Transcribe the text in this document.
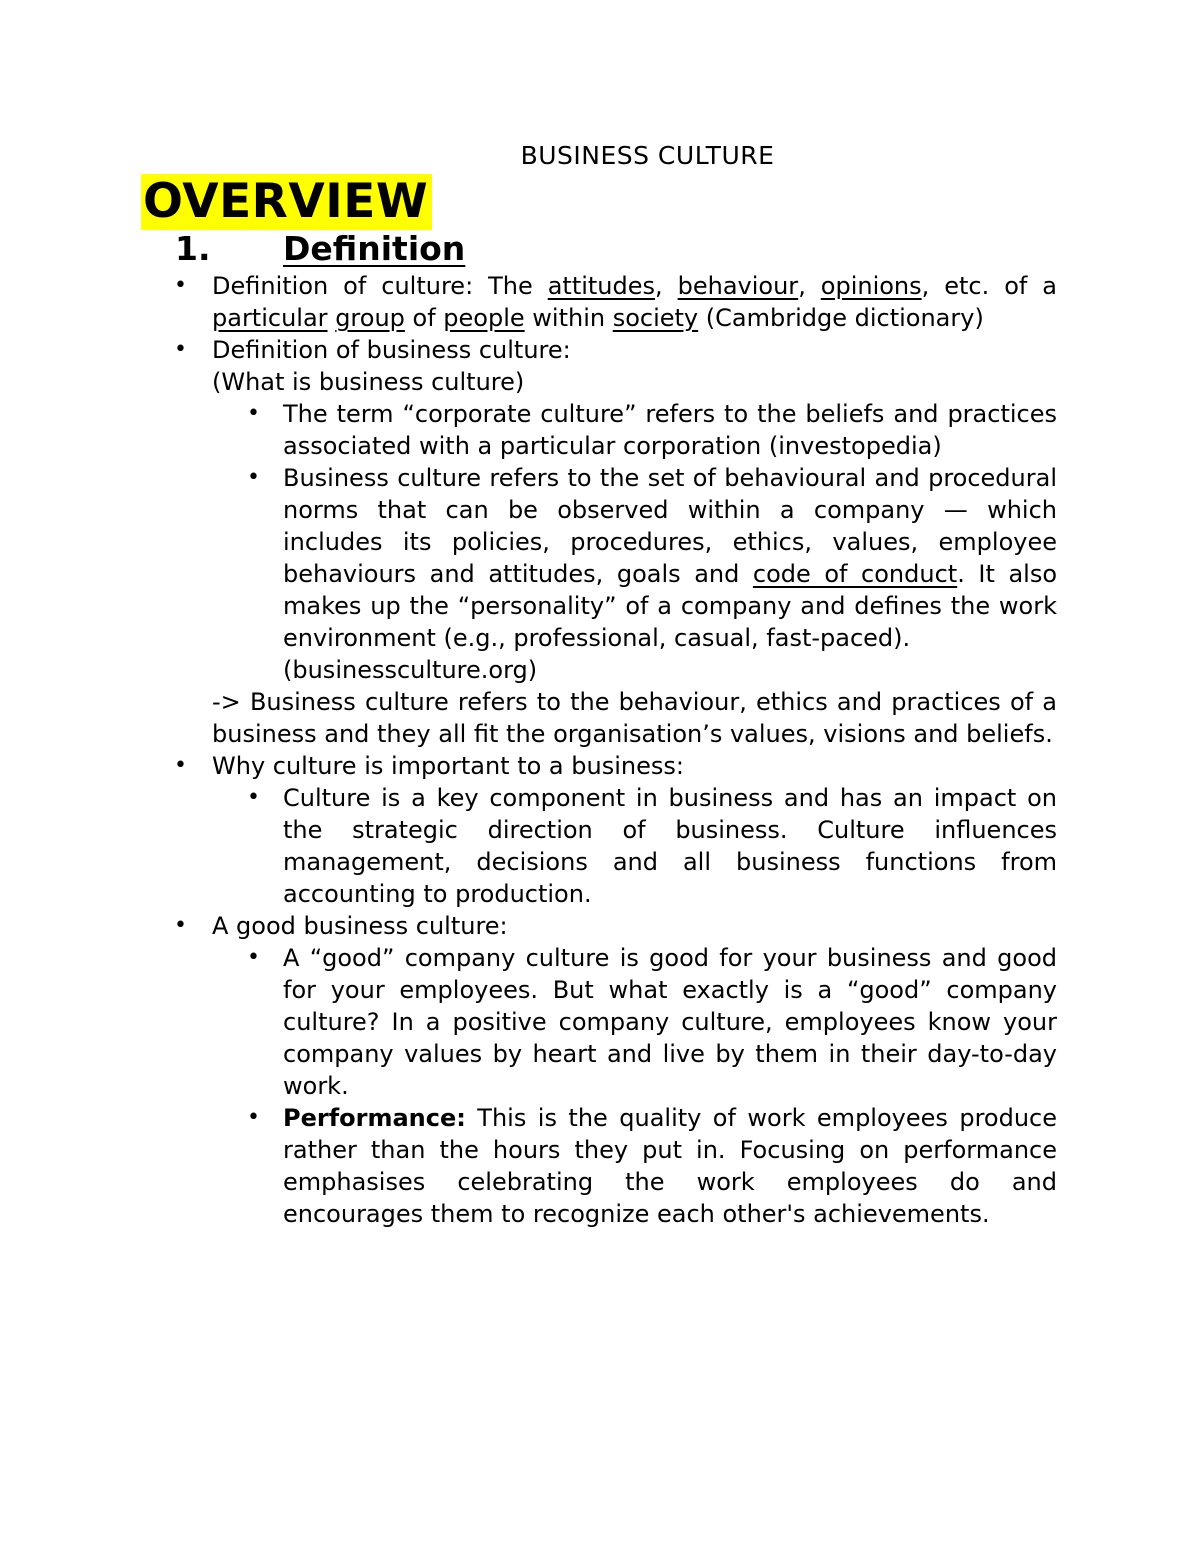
BUSINESS CULTURE
OVERVIEW
1.	Definition

• Definition of culture: The attitudes, behaviour, opinions, etc. of a particular group of people within society (Cambridge dictionary)

• Definition of business culture:

(What is business culture)

• The term “corporate culture” refers to the beliefs and practices associated with a particular corporation (investopedia)

• Business culture refers to the set of behavioural and procedural norms that can be observed within a company — which includes its policies, procedures, ethics, values, employee behaviours and attitudes, goals and code of conduct. It also makes up the “personality” of a company and defines the work environment (e.g., professional, casual, fast-paced).

(businessculture.org)

-> Business culture refers to the behaviour, ethics and practices of a business and they all fit the organisation’s values, visions and beliefs.

• Why culture is important to a business:

• Culture is a key component in business and has an impact on the strategic direction of business. Culture influences management, decisions and all business functions from accounting to production.

• A good business culture:

• A “good” company culture is good for your business and good for your employees. But what exactly is a “good” company culture? In a positive company culture, employees know your company values by heart and live by them in their day-to-day work.

• Performance: This is the quality of work employees produce rather than the hours they put in. Focusing on performance emphasises celebrating the work employees do and encourages them to recognize each other's achievements.
